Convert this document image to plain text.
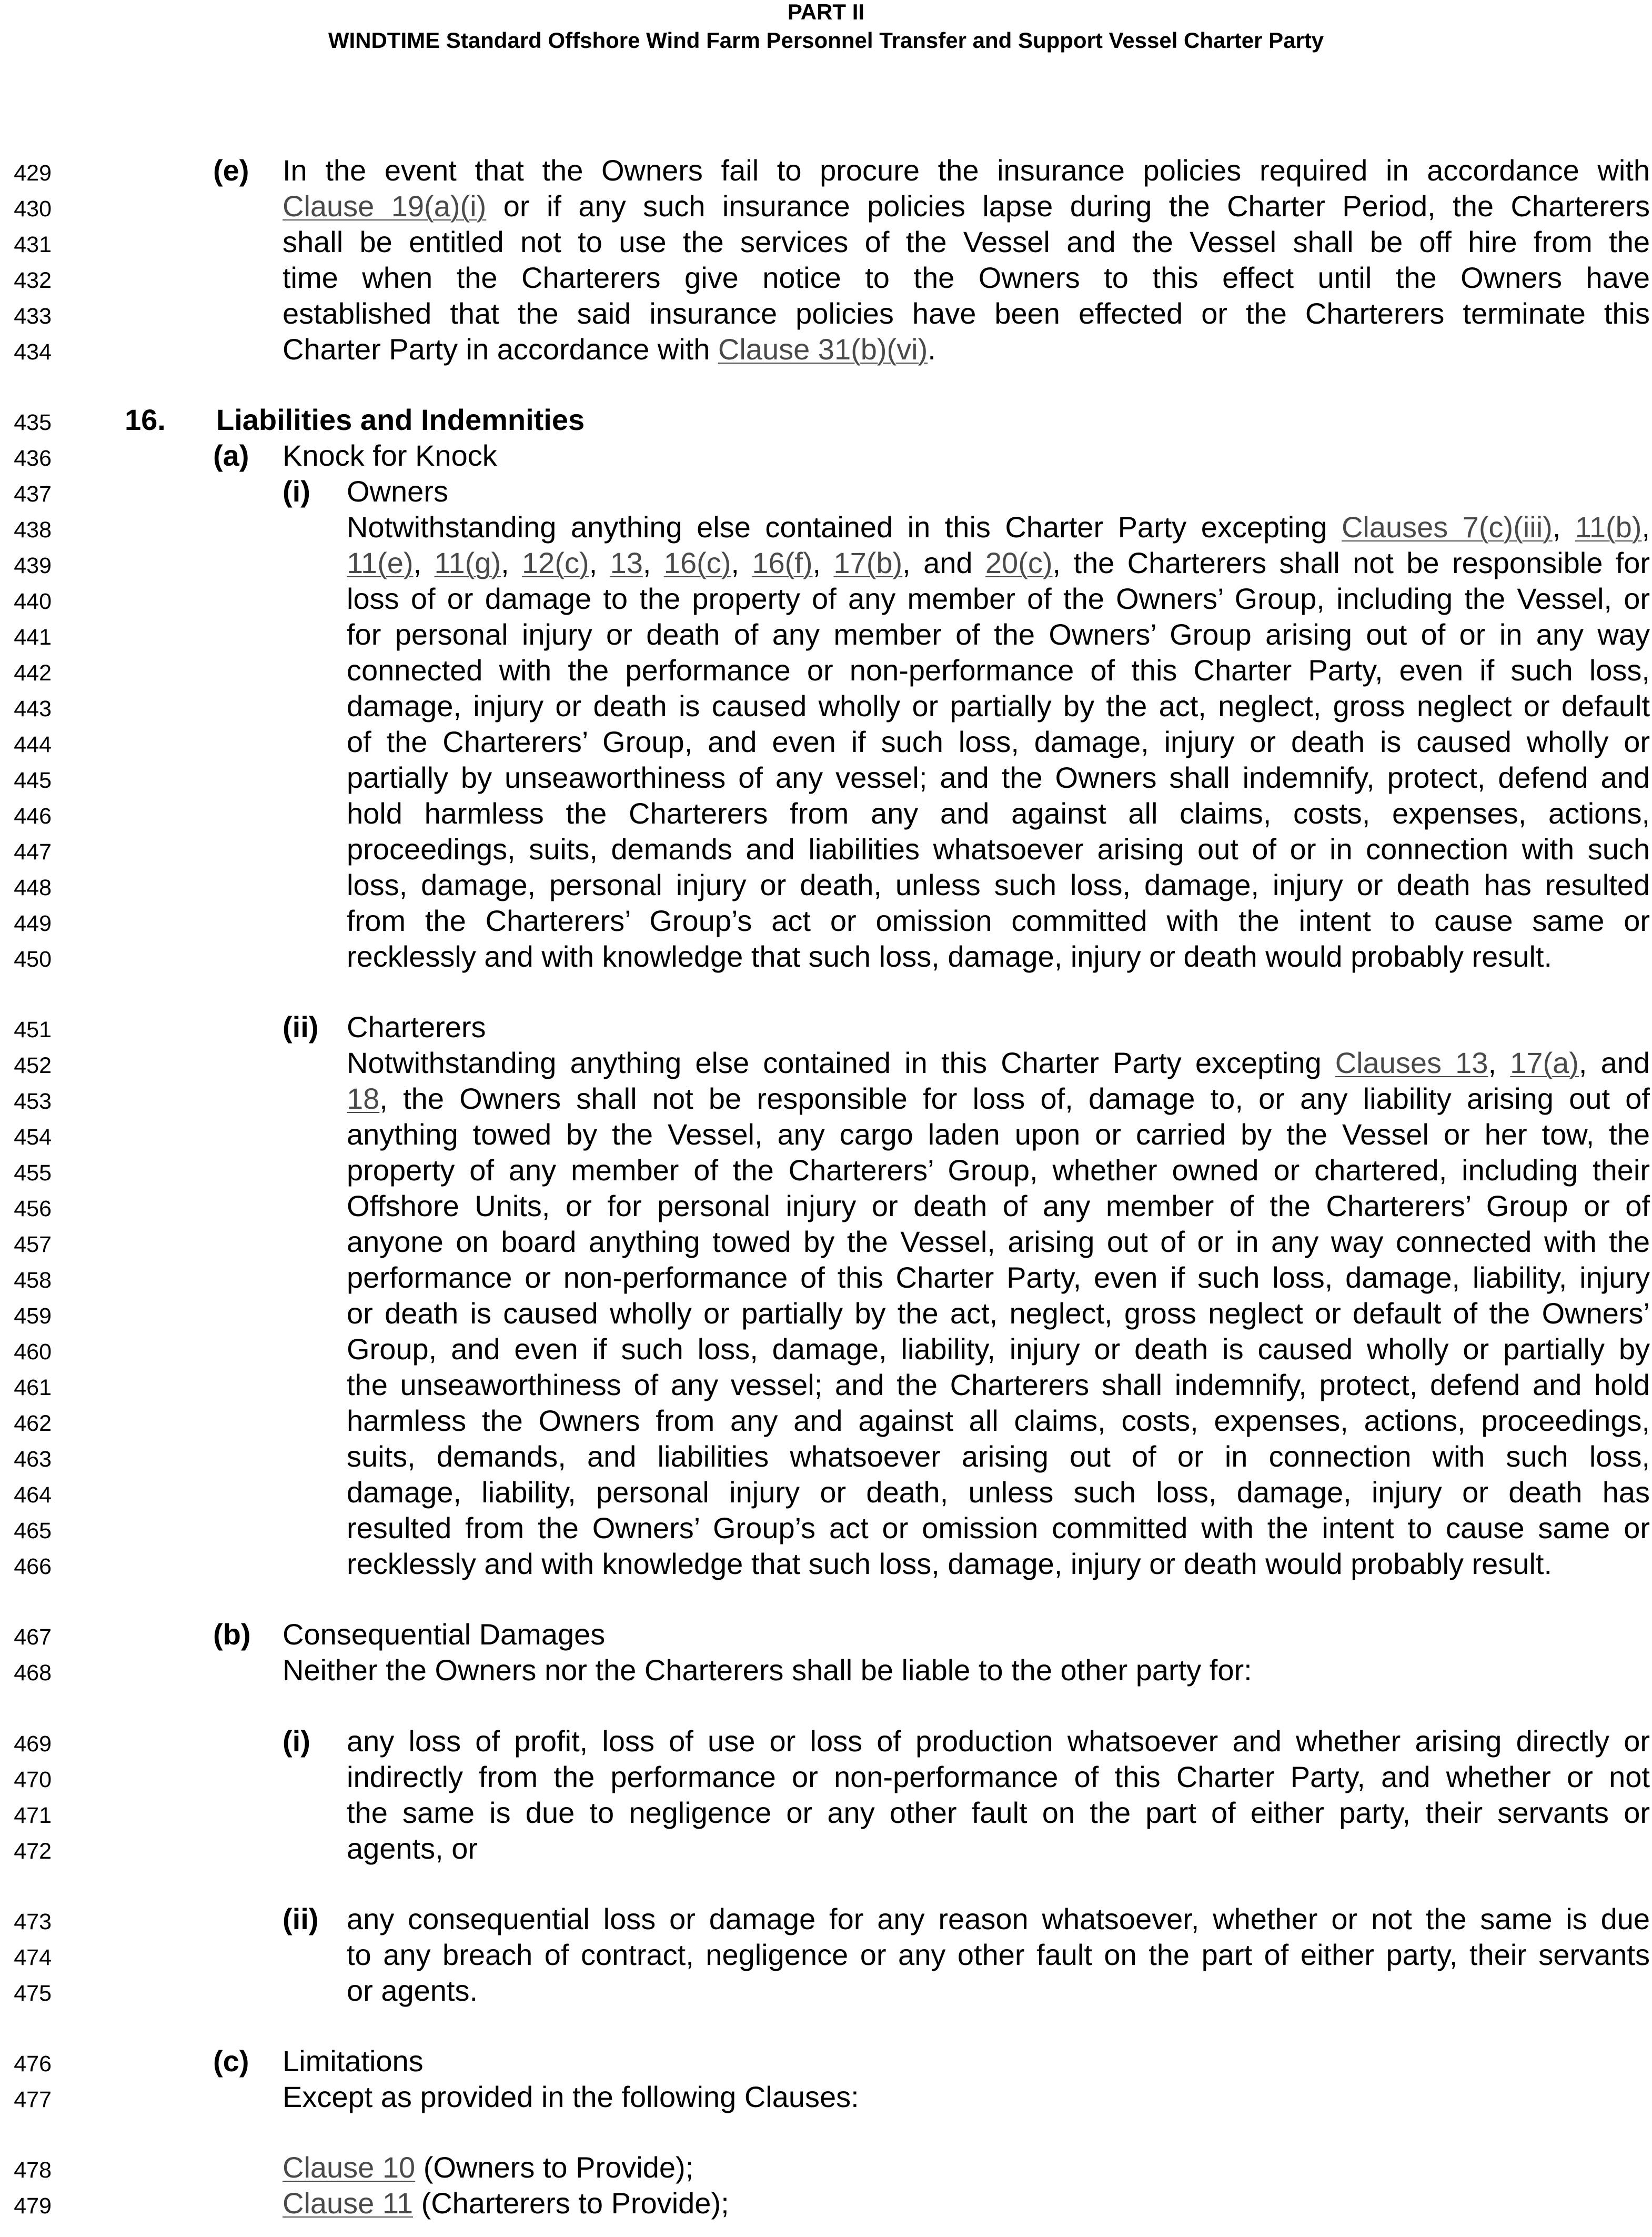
PART II
WINDTIME Standard Offshore Wind Farm Personnel Transfer and Support Vessel Charter Party
429
430
431
432
433
434
435
436
437
438
439
440
441
442
443
444
445
446
447
448
449
450
451
452
453
454
455
456
457
458
459
460
461
462
463
464
465
466
467
468
469
470
471
472
473
474
475
476
477
478
479
(e) In the event that the Owners fail to procure the insurance policies required in accordance with
Clause 19(a)(i) or if any such insurance policies lapse during the Charter Period, the Charterers
shall be entitled not to use the services of the Vessel and the Vessel shall be off hire from the
time when the Charterers give notice to the Owners to this effect until the Owners have
established that the said insurance policies have been effected or the Charterers terminate this
Charter Party in accordance with Clause 31(b)(vi).
16. Liabilities and Indemnities
(a) Knock for Knock
(i) Owners
Notwithstanding anything else contained in this Charter Party excepting Clauses 7(c)(iii), 11(b),
11(e), 11(g), 12(c), 13, 16(c), 16(f), 17(b), and 20(c), the Charterers shall not be responsible for
loss of or damage to the property of any member of the Owners’ Group, including the Vessel, or
for personal injury or death of any member of the Owners’ Group arising out of or in any way
connected with the performance or non-performance of this Charter Party, even if such loss,
damage, injury or death is caused wholly or partially by the act, neglect, gross neglect or default
of the Charterers’ Group, and even if such loss, damage, injury or death is caused wholly or
partially by unseaworthiness of any vessel; and the Owners shall indemnify, protect, defend and
hold harmless the Charterers from any and against all claims, costs, expenses, actions,
proceedings, suits, demands and liabilities whatsoever arising out of or in connection with such
loss, damage, personal injury or death, unless such loss, damage, injury or death has resulted
from the Charterers’ Group’s act or omission committed with the intent to cause same or
recklessly and with knowledge that such loss, damage, injury or death would probably result.
(ii) Charterers
Notwithstanding anything else contained in this Charter Party excepting Clauses 13, 17(a), and
18, the Owners shall not be responsible for loss of, damage to, or any liability arising out of
anything towed by the Vessel, any cargo laden upon or carried by the Vessel or her tow, the
property of any member of the Charterers’ Group, whether owned or chartered, including their
Offshore Units, or for personal injury or death of any member of the Charterers’ Group or of
anyone on board anything towed by the Vessel, arising out of or in any way connected with the
performance or non-performance of this Charter Party, even if such loss, damage, liability, injury
or death is caused wholly or partially by the act, neglect, gross neglect or default of the Owners’
Group, and even if such loss, damage, liability, injury or death is caused wholly or partially by
the unseaworthiness of any vessel; and the Charterers shall indemnify, protect, defend and hold
harmless the Owners from any and against all claims, costs, expenses, actions, proceedings,
suits, demands, and liabilities whatsoever arising out of or in connection with such loss,
damage, liability, personal injury or death, unless such loss, damage, injury or death has
resulted from the Owners’ Group’s act or omission committed with the intent to cause same or
recklessly and with knowledge that such loss, damage, injury or death would probably result.
(b) Consequential Damages
Neither the Owners nor the Charterers shall be liable to the other party for:
(i) any loss of profit, loss of use or loss of production whatsoever and whether arising directly or
indirectly from the performance or non-performance of this Charter Party, and whether or not
the same is due to negligence or any other fault on the part of either party, their servants or
agents, or
(ii) any consequential loss or damage for any reason whatsoever, whether or not the same is due
to any breach of contract, negligence or any other fault on the part of either party, their servants
or agents.
(c) Limitations
Except as provided in the following Clauses:
Clause 10 (Owners to Provide);
Clause 11 (Charterers to Provide);
